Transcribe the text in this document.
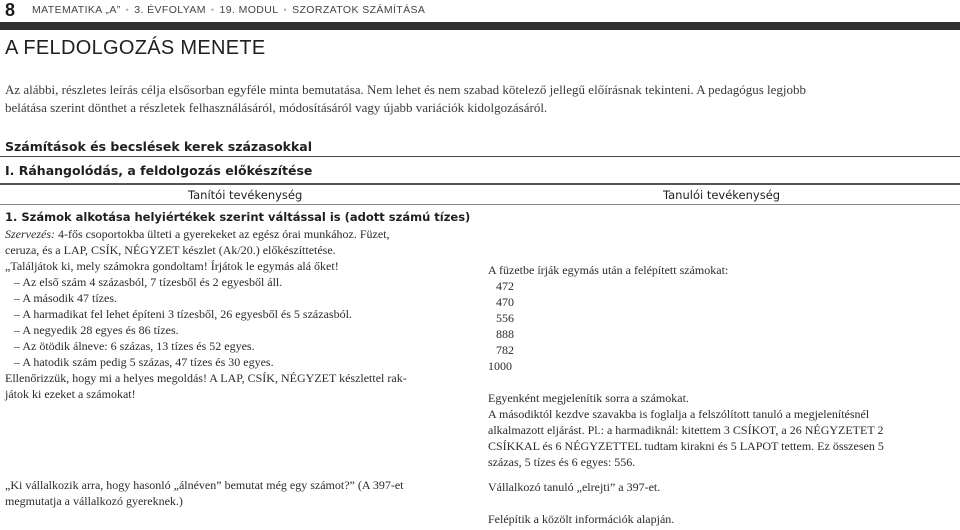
8 MATEMATIKA „A” • 3. ÉVFOLYAM • 19. MODUL • SZORZATOK SZÁMÍTÁSA
A FELDOLGOZÁS MENETE
Az alábbi, részletes leírás célja elsősorban egyféle minta bemutatása. Nem lehet és nem szabad kötelező jellegű előírásnak tekinteni. A pedagógus legjobb
belátása szerint dönthet a részletek felhasználásáról, módosításáról vagy újabb variációk kidolgozásáról.
Számítások és becslések kerek százasokkal
I. Ráhangolódás, a feldolgozás előkészítése
Tanítói tevékenység	Tanulói tevékenység
1. Számok alkotása helyiértékek szerint váltással is (adott számú tízes)
Szervezés: 4-fős csoportokba ülteti a gyerekeket az egész órai munkához. Füzet,
ceruza, és a LAP, CSÍK, NÉGYZET készlet (Ak/20.) előkészíttetése.
„Találjátok ki, mely számokra gondoltam! Írjátok le egymás alá őket!
– Az első szám 4 százasból, 7 tízesből és 2 egyesből áll.
– A második 47 tízes.
– A harmadikat fel lehet építeni 3 tízesből, 26 egyesből és 5 százasból.
– A negyedik 28 egyes és 86 tízes.
– Az ötödik álneve: 6 százas, 13 tízes és 52 egyes.
– A hatodik szám pedig 5 százas, 47 tízes és 30 egyes.
Ellenőrizzük, hogy mi a helyes megoldás! A LAP, CSÍK, NÉGYZET készlettel rak-
játok ki ezeket a számokat!
„Ki vállalkozik arra, hogy hasonló „álnéven” bemutat még egy számot?” (A 397-et
megmutatja a vállalkozó gyereknek.)
A füzetbe írják egymás után a felépített számokat:
472
470
556
888
782
1000
Egyenként megjelenítik sorra a számokat.
A másodiktól kezdve szavakba is foglalja a felszólított tanuló a megjelenítésnél
alkalmazott eljárást. Pl.: a harmadiknál: kitettem 3 CSÍKOT, a 26 NÉGYZETET 2
CSÍKKAL és 6 NÉGYZETTEL tudtam kirakni és 5 LAPOT tettem. Ez összesen 5
százas, 5 tízes és 6 egyes: 556.
Vállalkozó tanuló „elrejti” a 397-et.
Felépítik a közölt információk alapján.
